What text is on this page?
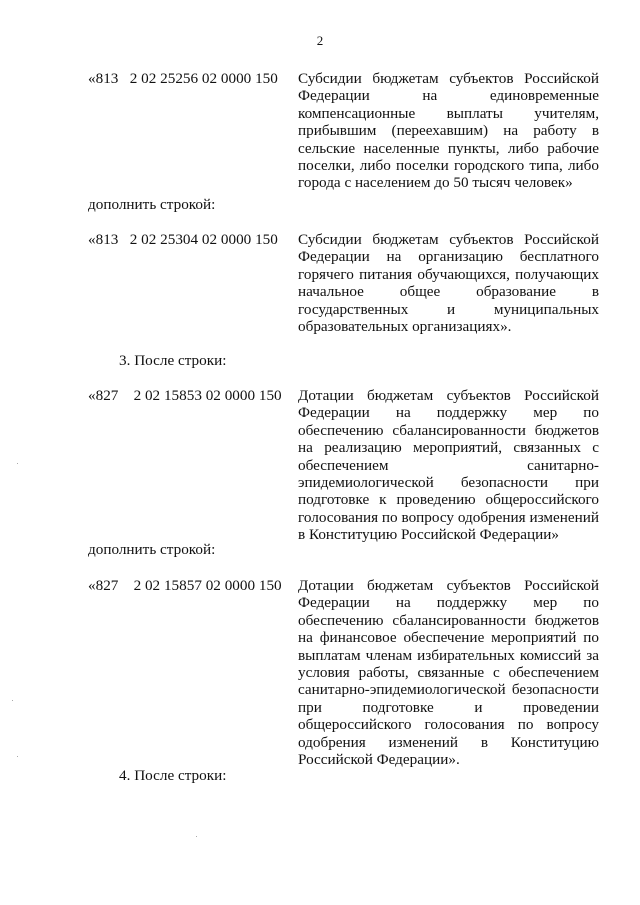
2
«813   2 02 25256 02 0000 150 Субсидии бюджетам субъектов Российской Федерации на единовременные компенсационные выплаты учителям, прибывшим (переехавшим) на работу в сельские населенные пункты, либо рабочие поселки, либо поселки городского типа, либо города с населением до 50 тысяч человек»
дополнить строкой:
«813   2 02 25304 02 0000 150 Субсидии бюджетам субъектов Российской Федерации на организацию бесплатного горячего питания обучающихся, получающих начальное общее образование в государственных и муниципальных образовательных организациях».
3. После строки:
«827    2 02 15853 02 0000 150 Дотации бюджетам субъектов Российской Федерации на поддержку мер по обеспечению сбалансированности бюджетов на реализацию мероприятий, связанных с обеспечением санитарно-эпидемиологической безопасности при подготовке к проведению общероссийского голосования по вопросу одобрения изменений в Конституцию Российской Федерации»
дополнить строкой:
«827    2 02 15857 02 0000 150 Дотации бюджетам субъектов Российской Федерации на поддержку мер по обеспечению сбалансированности бюджетов на финансовое обеспечение мероприятий по выплатам членам избирательных комиссий за условия работы, связанные с обеспечением санитарно-эпидемиологической безопасности при подготовке и проведении общероссийского голосования по вопросу одобрения изменений в Конституцию Российской Федерации».
4. После строки:
